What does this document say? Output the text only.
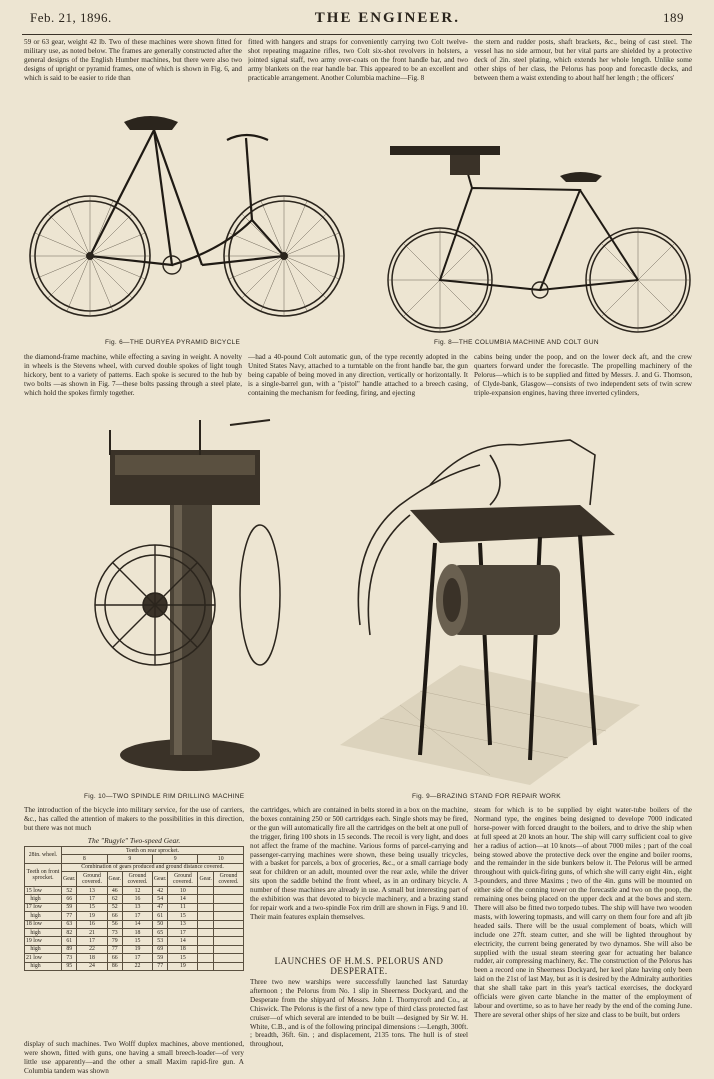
Feb. 21, 1896.	THE ENGINEER.	189
59 or 63 gear, weight 42 lb. Two of these machines were shown fitted for military use, as noted below. The frames are generally constructed after the general designs of the English Humber machines, but there were also two designs of upright or pyramid frames, one of which is shown in Fig. 6, and which is said to be easier to ride than
fitted with hangers and straps for conveniently carrying two Colt twelve-shot repeating magazine rifles, two Colt six-shot revolvers in holsters, a jointed signal staff, two army over-coats on the front handle bar, and two army blankets on the rear handle bar. This appeared to be an excellent and practicable arrangement. Another Columbia machine—Fig. 8
the stern and rudder posts, shaft brackets, &c., being of cast steel. The vessel has no side armour, but her vital parts are shielded by a protective deck of 2in. steel plating, which extends her whole length. Unlike some other ships of her class, the Pelorus has poop and forecastle decks, and between them a waist extending to about half her length ; the officers'
Fig. 6—THE DURYEA PYRAMID BICYCLE	Fig. 8—THE COLUMBIA MACHINE AND COLT GUN
the diamond-frame machine, while effecting a saving in weight. A novelty in wheels is the Stevens wheel, with curved double spokes of light tough hickory, bent to a variety of patterns. Each spoke is secured to the hub by two bolts —as shown in Fig. 7—these bolts passing through a steel plate, which hold the spokes firmly together.
—had a 40-pound Colt automatic gun, of the type recently adopted in the United States Navy, attached to a turntable on the front handle bar, the gun being capable of being moved in any direction, vertically or horizontally. It is a single-barrel gun, with a "pistol" handle attached to a breech casing, containing the mechanism for feeding, firing, and ejecting
cabins being under the poop, and on the lower deck aft, and the crew quarters forward under the forecastle. The propelling machinery of the Pelorus—which is to be supplied and fitted by Messrs. J. and G. Thomson, of Clyde-bank, Glasgow—consists of two independent sets of twin screw triple-expansion engines, having three inverted cylinders,
Fig. 10—TWO SPINDLE RIM DRILLING MACHINE	Fig. 9—BRAZING STAND FOR REPAIR WORK
The introduction of the bicycle into military service, for the use of carriers, &c., has called the attention of makers to the possibilities in this direction, but there was not much
The "Rugyle" Two-speed Gear.
28in. wheel.	Teeth on rear sprocket.							
	8		9		9		10	
Teeth on front sprocket.	Combination of gears produced and ground distance covered.							
	Gear.	Ground covered.	Gear.	Ground covered.	Gear.	Ground covered.	Gear.	Ground covered.
15 low	52	13	46	12	42	10		
high	66	17	62	16	54	14		
17 low	59	15	52	13	47	11		
high	77	19	66	17	61	15		
18 low	63	16	56	14	50	13		
high	82	21	73	18	65	17		
19 low	61	17	79	15	53	14		
high	89	22	77	19	69	18		
21 low	73	18	66	17	59	15		
high	95	24	86	22	77	19		
display of such machines. Two Wolff duplex machines, above mentioned, were shown, fitted with guns, one having a small breech-loader—of very little use apparently—and the other a small Maxim rapid-fire gun. A Columbia tandem was shown
the cartridges, which are contained in belts stored in a box on the machine, the boxes containing 250 or 500 cartridges each. Single shots may be fired, or the gun will automatically fire all the cartridges on the belt at one pull of the trigger, firing 100 shots in 15 seconds. The recoil is very light, and does not affect the frame of the machine. Various forms of parcel-carrying and passenger-carrying machines were shown, these being usually tricycles, with a basket for parcels, a box of groceries, &c., or a small carriage body seat for children or an adult, mounted over the rear axle, while the driver sits upon the saddle behind the front wheel, as in an ordinary bicycle. A number of these machines are already in use. A small but interesting part of the exhibition was that devoted to bicycle machinery, and a brazing stand for repair work and a two-spindle Fox rim drill are shown in Figs. 9 and 10. Their main features explain themselves.
LAUNCHES OF H.M.S. PELORUS AND DESPERATE.
Three two new warships were successfully launched last Saturday afternoon ; the Pelorus from No. 1 slip in Sheerness Dockyard, and the Desperate from the shipyard of Messrs. John I. Thornycroft and Co., at Chiswick. The Pelorus is the first of a new type of third class protected fast cruiser—of which several are intended to be built —designed by Sir W. H. White, C.B., and is of the following principal dimensions :—Length, 300ft. ; breadth, 36ft. 6in. ; and displacement, 2135 tons. The hull is of steel throughout,
steam for which is to be supplied by eight water-tube boilers of the Normand type, the engines being designed to develope 7000 indicated horse-power with forced draught to the boilers, and to drive the ship when at full speed at 20 knots an hour. The ship will carry sufficient coal to give her a radius of action—at 10 knots—of about 7000 miles ; part of the coal being stowed above the protective deck over the engine and boiler rooms, and the remainder in the side bunkers below it. The Pelorus will be armed throughout with quick-firing guns, of which she will carry eight 4in., eight 3-pounders, and three Maxims ; two of the 4in. guns will be mounted on either side of the conning tower on the forecastle and two on the poop, the remaining ones being placed on the upper deck and at the bows and stern. There will also be fitted two torpedo tubes. The ship will have two wooden masts, with lowering topmasts, and will carry on them four fore and aft jib headed sails. There will be the usual complement of boats, which will include one 27ft. steam cutter, and she will be lighted throughout by electricity, the current being generated by two dynamos. She will also be supplied with the usual steam steering gear for actuating her balance rudder, air compressing machinery, &c. The construction of the Pelorus has been a record one in Sheerness Dockyard, her keel plate having only been laid on the 21st of last May, but as it is desired by the Admiralty authorities that she shall take part in this year's tactical exercises, the dockyard officials were given carte blanche in the matter of the employment of labour and overtime, so as to have her ready by the end of the coming June. There are several other ships of her size and class to be built, but orders
